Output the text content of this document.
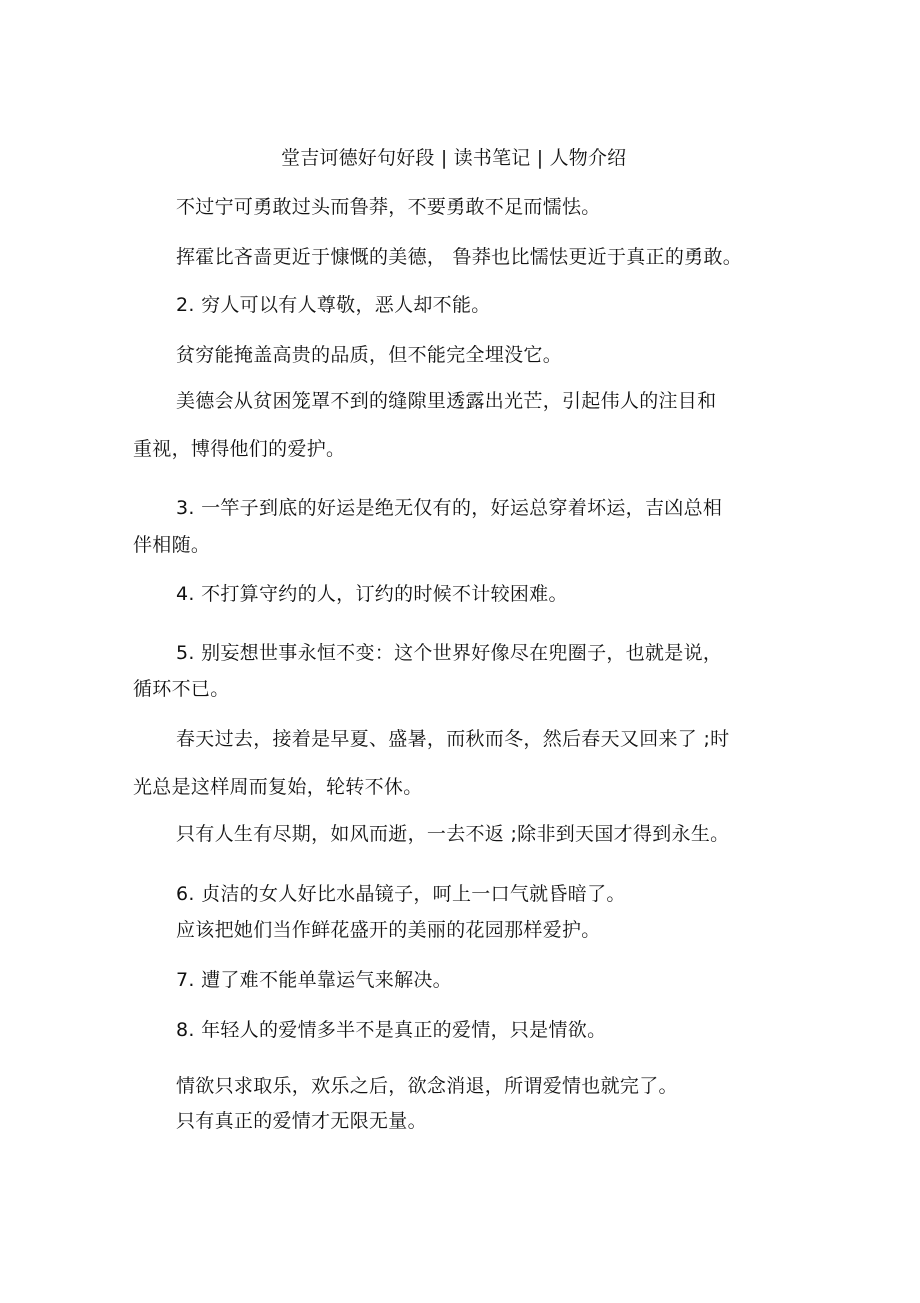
堂吉诃德好句好段 | 读书笔记 | 人物介绍
不过宁可勇敢过头而鲁莽，不要勇敢不足而懦怯。
挥霍比吝啬更近于慷慨的美德， 鲁莽也比懦怯更近于真正的勇敢。
2. 穷人可以有人尊敬，恶人却不能。
贫穷能掩盖高贵的品质，但不能完全埋没它。
美德会从贫困笼罩不到的缝隙里透露出光芒，引起伟人的注目和
重视，博得他们的爱护。
3. 一竿子到底的好运是绝无仅有的，好运总穿着坏运，吉凶总相
伴相随。
4. 不打算守约的人，订约的时候不计较困难。
5. 别妄想世事永恒不变：这个世界好像尽在兜圈子，也就是说，
循环不已。
春天过去，接着是早夏、盛暑，而秋而冬，然后春天又回来了 ;时
光总是这样周而复始，轮转不休。
只有人生有尽期，如风而逝，一去不返 ;除非到天国才得到永生。
6. 贞洁的女人好比水晶镜子，呵上一口气就昏暗了。
应该把她们当作鲜花盛开的美丽的花园那样爱护。
7. 遭了难不能单靠运气来解决。
8. 年轻人的爱情多半不是真正的爱情，只是情欲。
情欲只求取乐，欢乐之后，欲念消退，所谓爱情也就完了。
只有真正的爱情才无限无量。
